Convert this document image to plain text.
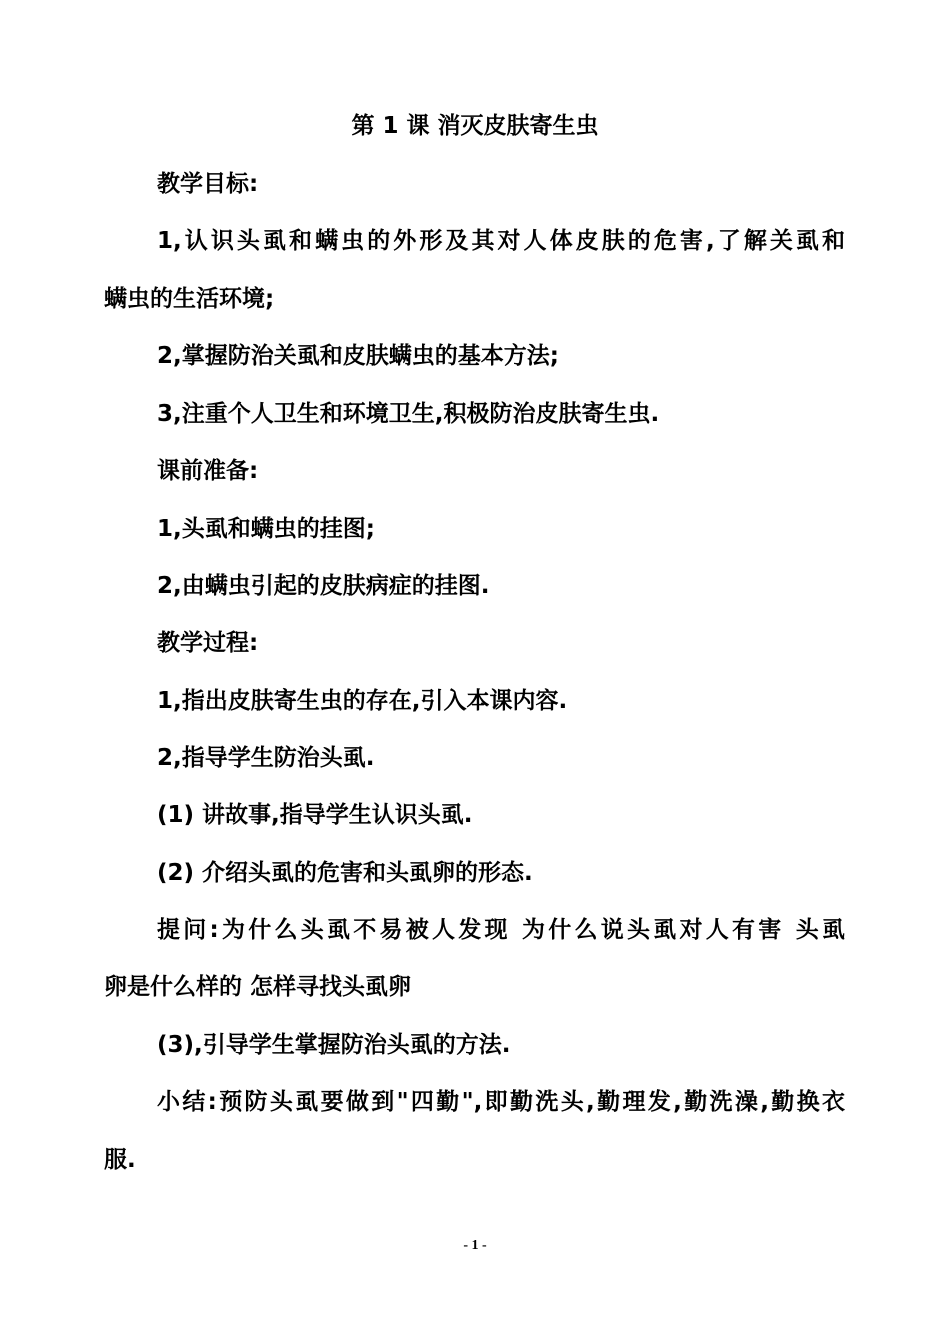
第 1 课 消灭皮肤寄生虫
教学目标:
1,认识头虱和螨虫的外形及其对人体皮肤的危害,了解关虱和
螨虫的生活环境;
2,掌握防治关虱和皮肤螨虫的基本方法;
3,注重个人卫生和环境卫生,积极防治皮肤寄生虫.
课前准备:
1,头虱和螨虫的挂图;
2,由螨虫引起的皮肤病症的挂图.
教学过程:
1,指出皮肤寄生虫的存在,引入本课内容.
2,指导学生防治头虱.
(1) 讲故事,指导学生认识头虱.
(2) 介绍头虱的危害和头虱卵的形态.
提问:为什么头虱不易被人发现 为什么说头虱对人有害 头虱
卵是什么样的 怎样寻找头虱卵
(3),引导学生掌握防治头虱的方法.
小结:预防头虱要做到"四勤",即勤洗头,勤理发,勤洗澡,勤换衣
服.
- 1 -
